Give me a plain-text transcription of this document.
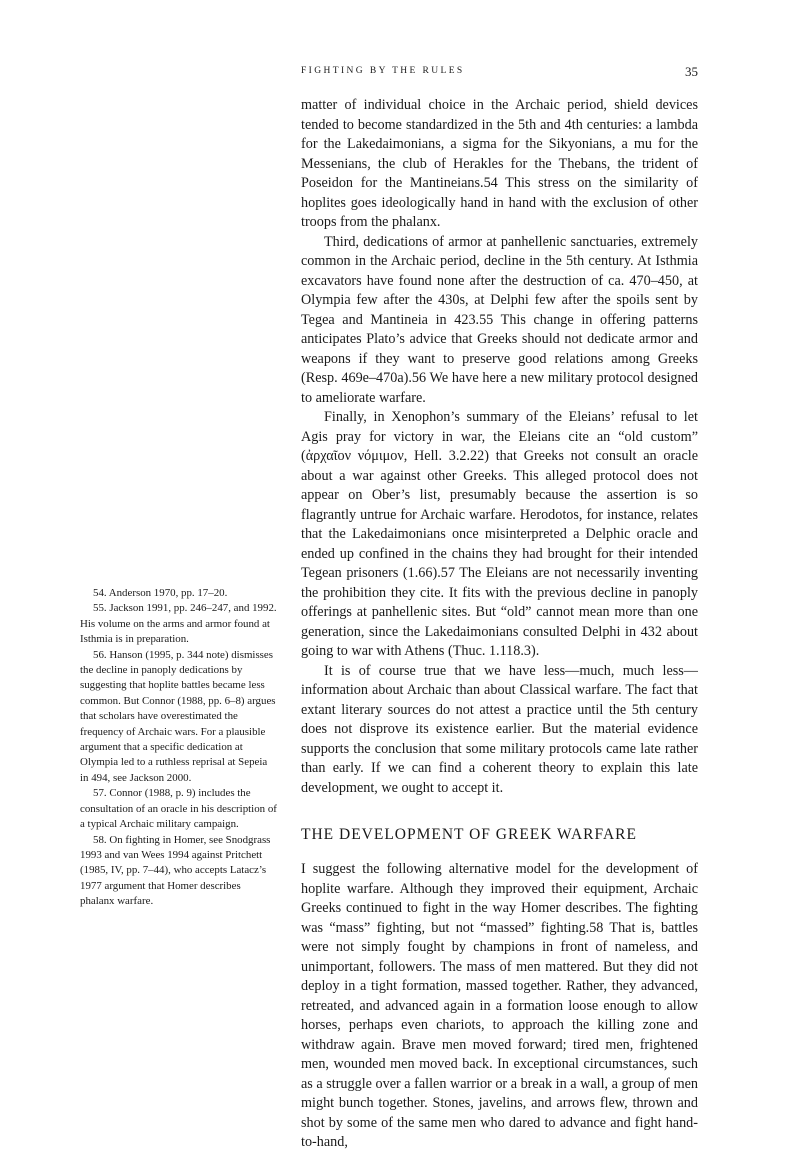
FIGHTING BY THE RULES	35

matter of individual choice in the Archaic period, shield devices tended to become standardized in the 5th and 4th centuries: a lambda for the Lakedaimonians, a sigma for the Sikyonians, a mu for the Messenians, the club of Herakles for the Thebans, the trident of Poseidon for the Mantineians.54 This stress on the similarity of hoplites goes ideologically hand in hand with the exclusion of other troops from the phalanx.

Third, dedications of armor at panhellenic sanctuaries, extremely common in the Archaic period, decline in the 5th century. At Isthmia excavators have found none after the destruction of ca. 470–450, at Olympia few after the 430s, at Delphi few after the spoils sent by Tegea and Mantineia in 423.55 This change in offering patterns anticipates Plato’s advice that Greeks should not dedicate armor and weapons if they want to preserve good relations among Greeks (Resp. 469e–470a).56 We have here a new military protocol designed to ameliorate warfare.

Finally, in Xenophon’s summary of the Eleians’ refusal to let Agis pray for victory in war, the Eleians cite an “old custom” (ἀρχαῖον νόμιμον, Hell. 3.2.22) that Greeks not consult an oracle about a war against other Greeks. This alleged protocol does not appear on Ober’s list, presumably because the assertion is so flagrantly untrue for Archaic warfare. Herodotos, for instance, relates that the Lakedaimonians once misinterpreted a Delphic oracle and ended up confined in the chains they had brought for their intended Tegean prisoners (1.66).57 The Eleians are not necessarily inventing the prohibition they cite. It fits with the previous decline in panoply offerings at panhellenic sites. But “old” cannot mean more than one generation, since the Lakedaimonians consulted Delphi in 432 about going to war with Athens (Thuc. 1.118.3).

It is of course true that we have less—much, much less—information about Archaic than about Classical warfare. The fact that extant literary sources do not attest a practice until the 5th century does not disprove its existence earlier. But the material evidence supports the conclusion that some military protocols came late rather than early. If we can find a coherent theory to explain this late development, we ought to accept it.

THE DEVELOPMENT OF GREEK WARFARE

I suggest the following alternative model for the development of hoplite warfare. Although they improved their equipment, Archaic Greeks continued to fight in the way Homer describes. The fighting was “mass” fighting, but not “massed” fighting.58 That is, battles were not simply fought by champions in front of nameless, and unimportant, followers. The mass of men mattered. But they did not deploy in a tight formation, massed together. Rather, they advanced, retreated, and advanced again in a formation loose enough to allow horses, perhaps even chariots, to approach the killing zone and withdraw again. Brave men moved forward; tired men, frightened men, wounded men moved back. In exceptional circumstances, such as a struggle over a fallen warrior or a break in a wall, a group of men might bunch together. Stones, javelins, and arrows flew, thrown and shot by some of the same men who dared to advance and fight hand-to-hand,

54. Anderson 1970, pp. 17–20.

55. Jackson 1991, pp. 246–247, and 1992. His volume on the arms and armor found at Isthmia is in preparation.

56. Hanson (1995, p. 344 note) dismisses the decline in panoply dedications by suggesting that hoplite battles became less common. But Connor (1988, pp. 6–8) argues that scholars have overestimated the frequency of Archaic wars. For a plausible argument that a specific dedication at Olympia led to a ruthless reprisal at Sepeia in 494, see Jackson 2000.

57. Connor (1988, p. 9) includes the consultation of an oracle in his description of a typical Archaic military campaign.

58. On fighting in Homer, see Snodgrass 1993 and van Wees 1994 against Pritchett (1985, IV, pp. 7–44), who accepts Latacz’s 1977 argument that Homer describes phalanx warfare.
